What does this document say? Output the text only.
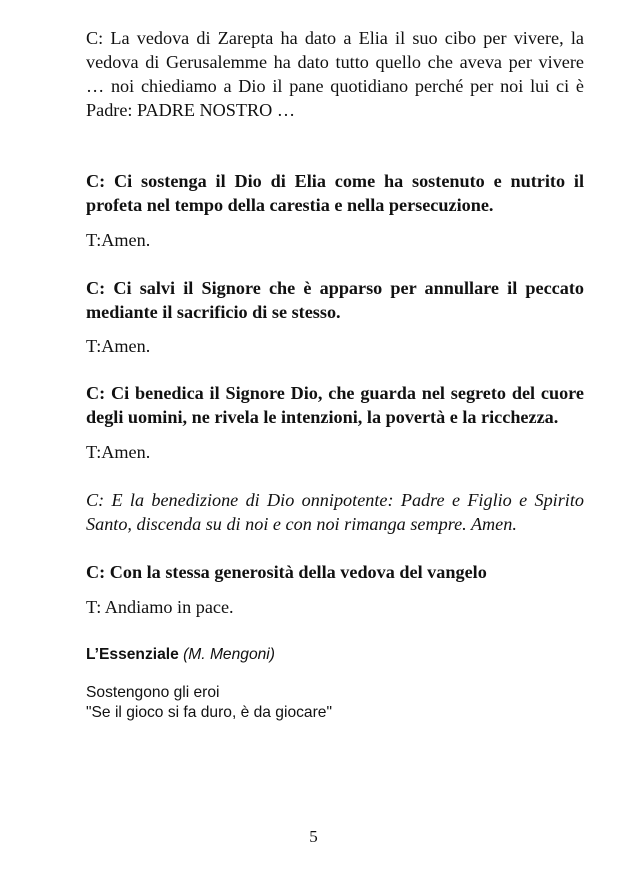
C: La vedova di Zarepta ha dato a Elia il suo cibo per vivere, la vedova di Gerusalemme ha dato tutto quello che aveva per vivere … noi chiediamo a Dio il pane quotidiano perché per noi lui ci è Padre: PADRE NOSTRO …

C: Ci sostenga il Dio di Elia come ha sostenuto e nutrito il profeta nel tempo della carestia e nella persecuzione.

T:Amen.

C: Ci salvi il Signore che è apparso per annullare il peccato mediante il sacrificio di se stesso.

T:Amen.

C: Ci benedica il Signore Dio, che guarda nel segreto del cuore degli uomini, ne rivela le intenzioni, la povertà e la ricchezza.

T:Amen.

C: E la benedizione di Dio onnipotente: Padre e Figlio e Spirito Santo, discenda su di noi e con noi rimanga sempre. Amen.

C: Con la stessa generosità della vedova del vangelo

T: Andiamo in pace.

L’Essenziale (M. Mengoni)

Sostengono gli eroi

"Se il gioco si fa duro, è da giocare"

5
